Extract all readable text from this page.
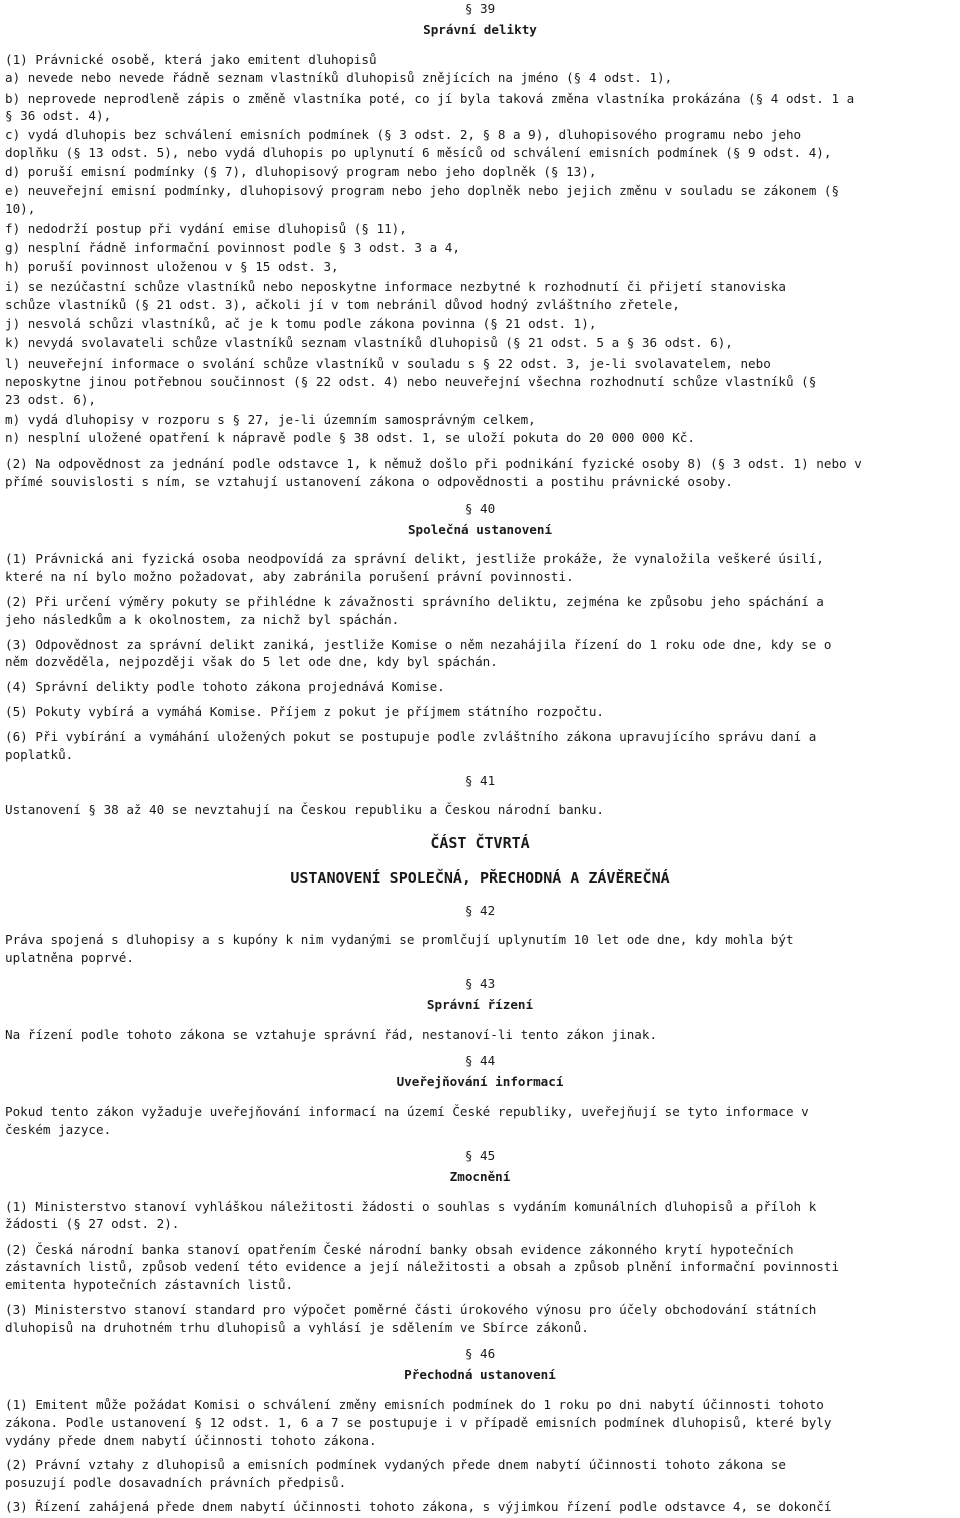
§ 39
Správní delikty
(1) Právnické osobě, která jako emitent dluhopisů
a) nevede nebo nevede řádně seznam vlastníků dluhopisů znějících na jméno (§ 4 odst. 1),
b) neprovede neprodleně zápis o změně vlastníka poté, co jí byla taková změna vlastníka prokázána (§ 4 odst. 1 a
§ 36 odst. 4),
c) vydá dluhopis bez schválení emisních podmínek (§ 3 odst. 2, § 8 a 9), dluhopisového programu nebo jeho
doplňku (§ 13 odst. 5), nebo vydá dluhopis po uplynutí 6 měsíců od schválení emisních podmínek (§ 9 odst. 4),
d) poruší emisní podmínky (§ 7), dluhopisový program nebo jeho doplněk (§ 13),
e) neuveřejní emisní podmínky, dluhopisový program nebo jeho doplněk nebo jejich změnu v souladu se zákonem (§
10),
f) nedodrží postup při vydání emise dluhopisů (§ 11),
g) nesplní řádně informační povinnost podle § 3 odst. 3 a 4,
h) poruší povinnost uloženou v § 15 odst. 3,
i) se nezúčastní schůze vlastníků nebo neposkytne informace nezbytné k rozhodnutí či přijetí stanoviska
schůze vlastníků (§ 21 odst. 3), ačkoli jí v tom nebránil důvod hodný zvláštního zřetele,
j) nesvolá schůzi vlastníků, ač je k tomu podle zákona povinna (§ 21 odst. 1),
k) nevydá svolavateli schůze vlastníků seznam vlastníků dluhopisů (§ 21 odst. 5 a § 36 odst. 6),
l) neuveřejní informace o svolání schůze vlastníků v souladu s § 22 odst. 3, je-li svolavatelem, nebo
neposkytne jinou potřebnou součinnost (§ 22 odst. 4) nebo neuveřejní všechna rozhodnutí schůze vlastníků (§
23 odst. 6),
m) vydá dluhopisy v rozporu s § 27, je-li územním samosprávným celkem,
n) nesplní uložené opatření k nápravě podle § 38 odst. 1, se uloží pokuta do 20 000 000 Kč.
(2) Na odpovědnost za jednání podle odstavce 1, k němuž došlo při podnikání fyzické osoby 8) (§ 3 odst. 1) nebo v
přímé souvislosti s ním, se vztahují ustanovení zákona o odpovědnosti a postihu právnické osoby.
§ 40
Společná ustanovení
(1) Právnická ani fyzická osoba neodpovídá za správní delikt, jestliže prokáže, že vynaložila veškeré úsilí,
které na ní bylo možno požadovat, aby zabránila porušení právní povinnosti.
(2) Při určení výměry pokuty se přihlédne k závažnosti správního deliktu, zejména ke způsobu jeho spáchání a
jeho následkům a k okolnostem, za nichž byl spáchán.
(3) Odpovědnost za správní delikt zaniká, jestliže Komise o něm nezahájila řízení do 1 roku ode dne, kdy se o
něm dozvěděla, nejpozději však do 5 let ode dne, kdy byl spáchán.
(4) Správní delikty podle tohoto zákona projednává Komise.
(5) Pokuty vybírá a vymáhá Komise. Příjem z pokut je příjmem státního rozpočtu.
(6) Při vybírání a vymáhání uložených pokut se postupuje podle zvláštního zákona upravujícího správu daní a
poplatků.
§ 41
Ustanovení § 38 až 40 se nevztahují na Českou republiku a Českou národní banku.
ČÁST ČTVRTÁ
USTANOVENÍ SPOLEČNÁ, PŘECHODNÁ A ZÁVĚREČNÁ
§ 42
Práva spojená s dluhopisy a s kupóny k nim vydanými se promlčují uplynutím 10 let ode dne, kdy mohla být
uplatněna poprvé.
§ 43
Správní řízení
Na řízení podle tohoto zákona se vztahuje správní řád, nestanoví-li tento zákon jinak.
§ 44
Uveřejňování informací
Pokud tento zákon vyžaduje uveřejňování informací na území České republiky, uveřejňují se tyto informace v
českém jazyce.
§ 45
Zmocnění
(1) Ministerstvo stanoví vyhláškou náležitosti žádosti o souhlas s vydáním komunálních dluhopisů a příloh k
žádosti (§ 27 odst. 2).
(2) Česká národní banka stanoví opatřením České národní banky obsah evidence zákonného krytí hypotečních
zástavních listů, způsob vedení této evidence a její náležitosti a obsah a způsob plnění informační povinnosti
emitenta hypotečních zástavních listů.
(3) Ministerstvo stanoví standard pro výpočet poměrné části úrokového výnosu pro účely obchodování státních
dluhopisů na druhotném trhu dluhopisů a vyhlásí je sdělením ve Sbírce zákonů.
§ 46
Přechodná ustanovení
(1) Emitent může požádat Komisi o schválení změny emisních podmínek do 1 roku po dni nabytí účinnosti tohoto
zákona. Podle ustanovení § 12 odst. 1, 6 a 7 se postupuje i v případě emisních podmínek dluhopisů, které byly
vydány přede dnem nabytí účinnosti tohoto zákona.
(2) Právní vztahy z dluhopisů a emisních podmínek vydaných přede dnem nabytí účinnosti tohoto zákona se
posuzují podle dosavadních právních předpisů.
(3) Řízení zahájená přede dnem nabytí účinnosti tohoto zákona, s výjimkou řízení podle odstavce 4, se dokončí
